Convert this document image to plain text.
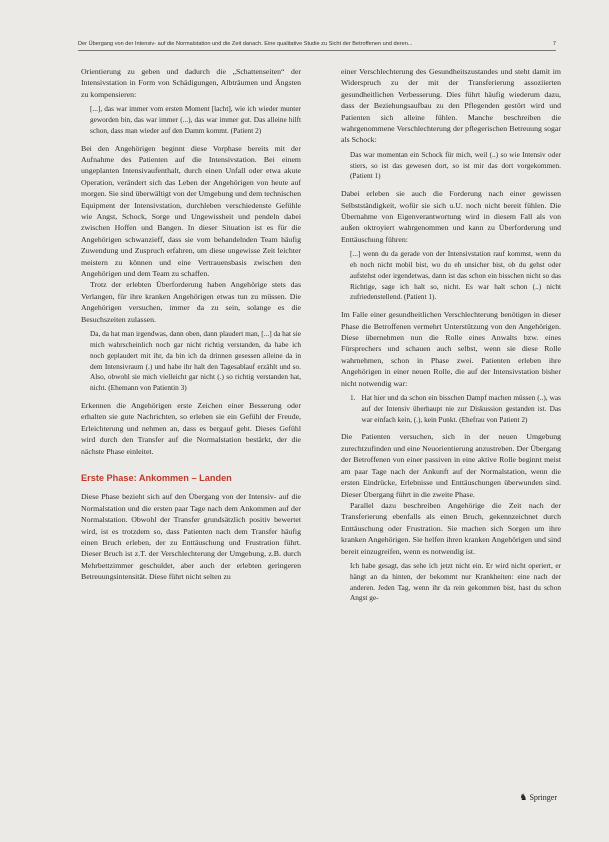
Der Übergang von der Intensiv- auf die Normalstation und die Zeit danach. Eine qualitative Studie zu Sicht der Betroffenen und deren...	7

Orientierung zu geben und dadurch die „Schattenseiten“ der Intensivstation in Form von Schädigungen, Albträumen und Ängsten zu kompensieren:

[...], das war immer vom ersten Moment [lacht], wie ich wieder munter geworden bin, das war immer (...), das war immer gut. Das alleine hilft schon, dass man wieder auf den Damm kommt. (Patient 2)

Bei den Angehörigen beginnt diese Vorphase bereits mit der Aufnahme des Patienten auf die Intensivstation. Bei einem ungeplanten Intensivaufenthalt, durch einen Unfall oder etwa akute Operation, verändert sich das Leben der Angehörigen von heute auf morgen. Sie sind überwältigt von der Umgebung und dem technischen Equipment der Intensivstation, durchleben verschiedenste Gefühle wie Angst, Schock, Sorge und Ungewissheit und pendeln dabei zwischen Hoffen und Bangen. In dieser Situation ist es für die Angehörigen schwanzieff, dass sie vom behandelnden Team häufig Zuwendung und Zuspruch erfahren, um diese ungewisse Zeit leichter meistern zu können und eine Vertrauensbasis zwischen den Angehörigen und dem Team zu schaffen.

Trotz der erlebten Überforderung haben Angehörige stets das Verlangen, für ihre kranken Angehörigen etwas tun zu müssen. Die Angehörigen versuchen, immer da zu sein, solange es die Besuchszeiten zulassen.

Da, da hat man irgendwas, dann oben, dann plaudert man, [...] da hat sie mich wahrscheinlich noch gar nicht richtig verstanden, da habe ich noch geplaudert mit ihr, da bin ich da drinnen gesessen alleine da in dem Intensivraum (.) und habe ihr halt den Tagesablauf erzählt und so. Also, obwohl sie mich vielleicht gar nicht (.) so richtig verstanden hat, nicht. (Ehemann von Patientin 3)

Erkennen die Angehörigen erste Zeichen einer Besserung oder erhalten sie gute Nachrichten, so erleben sie ein Gefühl der Freude, Erleichterung und nehmen an, dass es bergauf geht. Dieses Gefühl wird durch den Transfer auf die Normalstation bestärkt, der die nächste Phase einleitet.

Erste Phase: Ankommen – Landen

Diese Phase bezieht sich auf den Übergang von der Intensiv- auf die Normalstation und die ersten paar Tage nach dem Ankommen auf der Normalstation. Obwohl der Transfer grundsätzlich positiv bewertet wird, ist es trotzdem so, dass Patienten nach dem Transfer häufig einen Bruch erleben, der zu Enttäuschung und Frustration führt. Dieser Bruch ist z.T. der Verschlechterung der Umgebung, z.B. durch Mehrbettzimmer geschuldet, aber auch der erlebten geringeren Betreuungsintensität. Diese führt nicht selten zu

einer Verschlechterung des Gesundheitszustandes und steht damit im Widerspruch zu der mit der Transferierung assoziierten gesundheitlichen Verbesserung. Dies führt häufig wiederum dazu, dass der Beziehungsaufbau zu den Pflegenden gestört wird und Patienten sich alleine fühlen. Manche beschreiben die wahrgenommene Verschlechterung der pflegerischen Betreuung sogar als Schock:

Das war momentan ein Schock für mich, weil (..) so wie Intensiv oder stiers, so ist das gewesen dort, so ist mir das dort vorgekommen. (Patient 1)

Dabei erleben sie auch die Forderung nach einer gewissen Selbstständigkeit, wofür sie sich u.U. noch nicht bereit fühlen. Die Übernahme von Eigenverantwortung wird in diesem Fall als von außen oktroyiert wahrgenommen und kann zu Überforderung und Enttäuschung führen:

[...] wenn du da gerade von der Intensivstation rauf kommst, wenn du eh noch nicht mobil bist, wo du eh unsicher bist, ob du gehst oder aufstehst oder irgendetwas, dann ist das schon ein bisschen nicht so das Richtige, sage ich halt so, nicht. Es war halt schon (..) nicht zufriedenstellend. (Patient 1).

Im Falle einer gesundheitlichen Verschlechterung benötigen in dieser Phase die Betroffenen vermehrt Unterstützung von den Angehörigen. Diese übernehmen nun die Rolle eines Anwalts bzw. eines Fürsprechers und schauen auch selbst, wenn sie diese Rolle wahrnehmen, schon in Phase zwei. Patienten erleben ihre Angehörigen in einer neuen Rolle, die auf der Intensivstation bisher nicht notwendig war:

1. Hat hier und da schon ein bisschen Dampf machen müssen (..), was auf der Intensiv überhaupt nie zur Diskussion gestanden ist. Das war einfach kein, (.), kein Punkt. (Ehefrau von Patient 2)

Die Patienten versuchen, sich in der neuen Umgebung zurechtzufinden und eine Neuorientierung anzustreben. Der Übergang der Betroffenen von einer passiven in eine aktive Rolle beginnt meist am paar Tage nach der Ankunft auf der Normalstation, wenn die ersten Eindrücke, Erlebnisse und Enttäuschungen überwunden sind. Dieser Übergang führt in die zweite Phase.

Parallel dazu beschreiben Angehörige die Zeit nach der Transferierung ebenfalls als einen Bruch, gekennzeichnet durch Enttäuschung oder Frustration. Sie machen sich Sorgen um ihre kranken Angehörigen. Sie helfen ihren kranken Angehörigen und sind bereit einzugreifen, wenn es notwendig ist.

Ich habe gesagt, das sehe ich jetzt nicht ein. Er wird nicht operiert, er hängt an da hinten, der bekommt nur Krankheiten: eine nach der anderen. Jeden Tag, wenn ihr da rein gekommen bist, hast du schon Angst ge-
♞ Springer
